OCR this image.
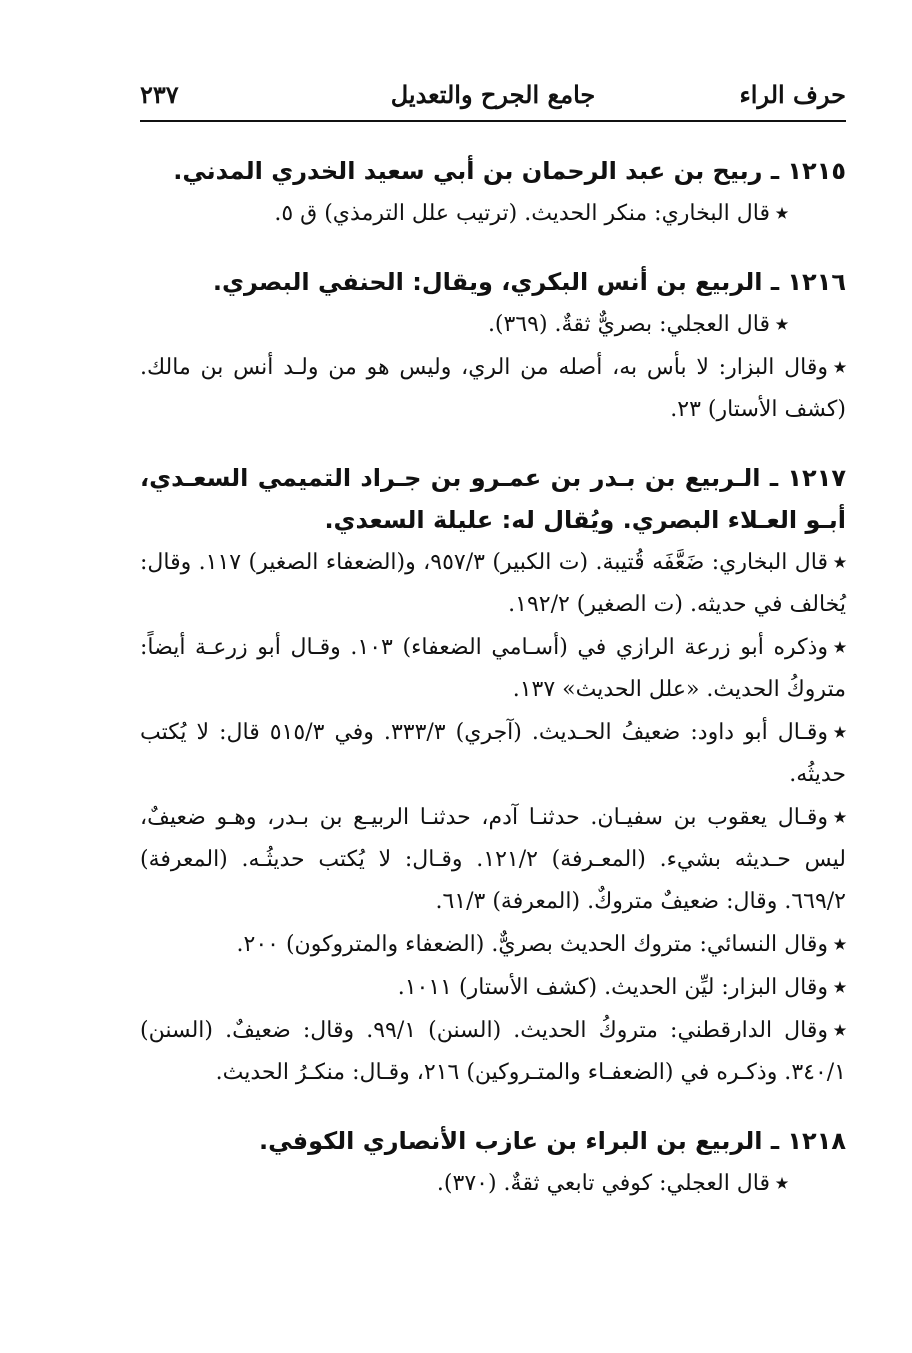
حرف الراء
جامع الجرح والتعديل
٢٣٧
١٢١٥ ـ ربيح بن عبد الرحمان بن أبي سعيد الخدري المدني.
٭قال البخاري: منكر الحديث. (ترتيب علل الترمذي) ق ٥.
١٢١٦ ـ الربيع بن أنس البكري، ويقال: الحنفي البصري.
٭قال العجلي: بصريٌّ ثقةٌ. (٣٦٩).
٭وقال البزار: لا بأس به، أصله من الري، وليس هو من ولـد أنس بن مالك. (كشف الأستار) ٢٣.
١٢١٧ ـ الـربيع بن بـدر بن عمـرو بن جـراد التميمي السعـدي، أبـو العـلاء البصري. ويُقال له: عليلة السعدي.
٭قال البخاري: ضَعَّفَه قُتيبة. (ت الكبير) ٩٥٧/٣، و(الضعفاء الصغير) ١١٧. وقال: يُخالف في حديثه. (ت الصغير) ١٩٢/٢.
٭وذكره أبو زرعة الرازي في (أسـامي الضعفاء) ١٠٣. وقـال أبو زرعـة أيضاً: متروكُ الحديث. «علل الحديث» ١٣٧.
٭وقـال أبو داود: ضعيفُ الحـديث. (آجري) ٣٣٣/٣. وفي ٥١٥/٣ قال: لا يُكتب حديثُه.
٭وقـال يعقوب بن سفيـان. حدثنـا آدم، حدثنـا الربيـع بن بـدر، وهـو ضعيفٌ، ليس حـديثه بشيء. (المعـرفة) ١٢١/٢. وقـال: لا يُكتب حديثُـه. (المعرفة) ٦٦٩/٢. وقال: ضعيفٌ متروكٌ. (المعرفة) ٦١/٣.
٭وقال النسائي: متروك الحديث بصريٌّ. (الضعفاء والمتروكون) ٢٠٠.
٭وقال البزار: ليِّن الحديث. (كشف الأستار) ١٠١١.
٭وقال الدارقطني: متروكُ الحديث. (السنن) ٩٩/١. وقال: ضعيفٌ. (السنن) ٣٤٠/١. وذكـره في (الضعفـاء والمتـروكين) ٢١٦، وقـال: منكـرُ الحديث.
١٢١٨ ـ الربيع بن البراء بن عازب الأنصاري الكوفي.
٭قال العجلي: كوفي تابعي ثقةٌ. (٣٧٠).
